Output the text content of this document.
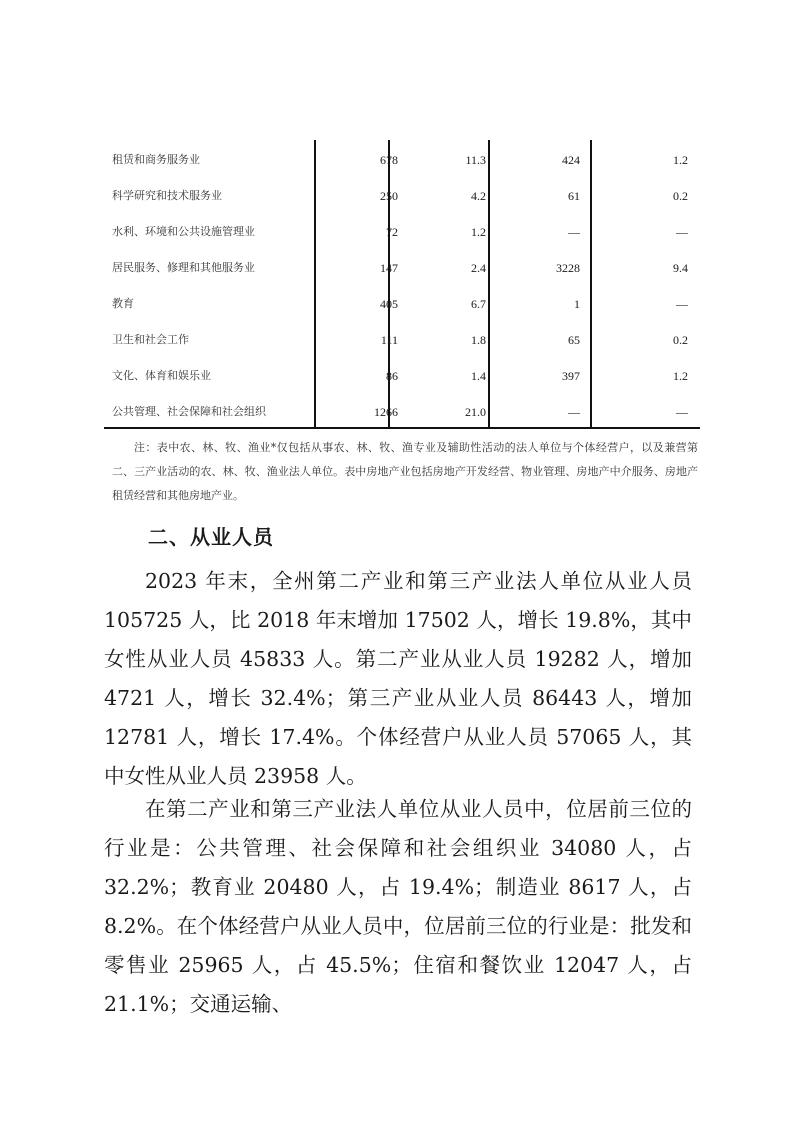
租赁和商务服务业	678	11.3	424	1.2
科学研究和技术服务业	250	4.2	61	0.2
水利、环境和公共设施管理业	72	1.2	—	—
居民服务、修理和其他服务业	147	2.4	3228	9.4
教育	405	6.7	1	—
卫生和社会工作	111	1.8	65	0.2
文化、体育和娱乐业	86	1.4	397	1.2
公共管理、社会保障和社会组织	1266	21.0	—	—
注：表中农、林、牧、渔业*仅包括从事农、林、牧、渔专业及辅助性活动的法人单位与个体经营户，以及兼营第二、三产业活动的农、林、牧、渔业法人单位。表中房地产业包括房地产开发经营、物业管理、房地产中介服务、房地产租赁经营和其他房地产业。
二、从业人员

2023 年末，全州第二产业和第三产业法人单位从业人员 105725 人，比 2018 年末增加 17502 人，增长 19.8%，其中女性从业人员 45833 人。第二产业从业人员 19282 人，增加 4721 人，增长 32.4%；第三产业从业人员 86443 人，增加 12781 人，增长 17.4%。个体经营户从业人员 57065 人，其中女性从业人员 23958 人。

在第二产业和第三产业法人单位从业人员中，位居前三位的行业是：公共管理、社会保障和社会组织业 34080 人，占 32.2%；教育业 20480 人，占 19.4%；制造业 8617 人，占 8.2%。在个体经营户从业人员中，位居前三位的行业是：批发和零售业 25965 人，占 45.5%；住宿和餐饮业 12047 人，占 21.1%；交通运输、
